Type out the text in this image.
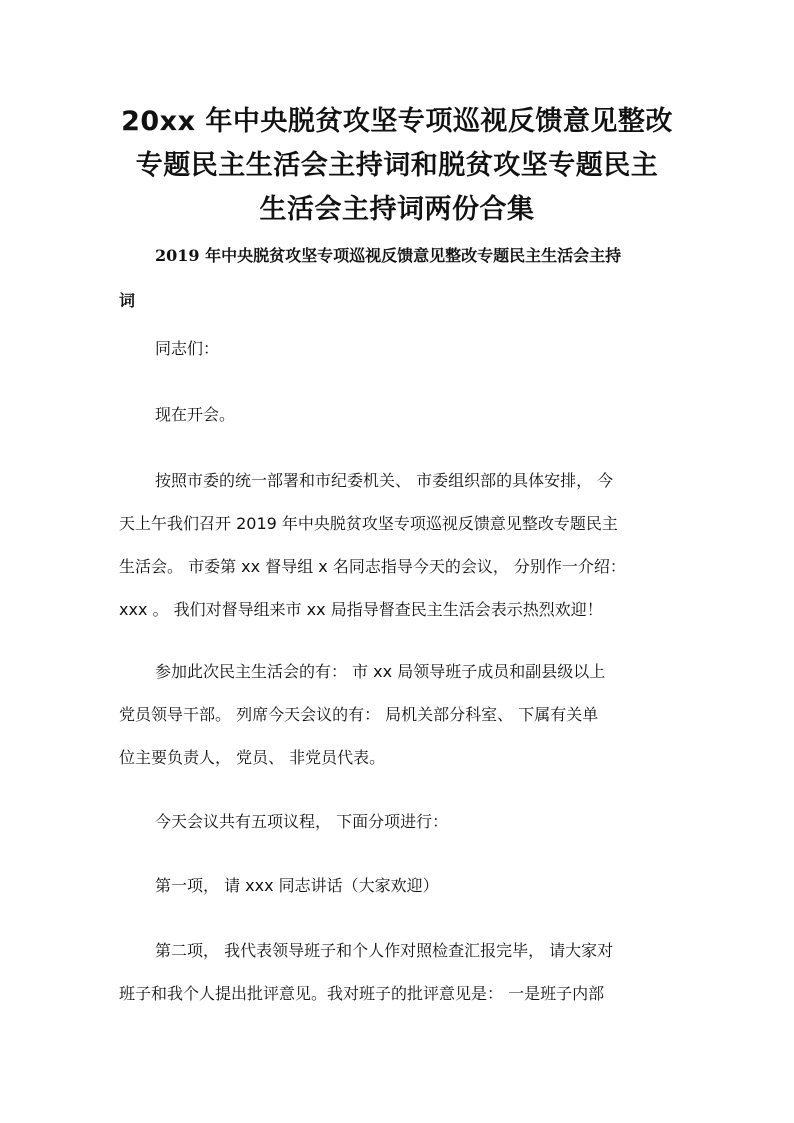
20xx 年中央脱贫攻坚专项巡视反馈意见整改
专题民主生活会主持词和脱贫攻坚专题民主
生活会主持词两份合集
2019 年中央脱贫攻坚专项巡视反馈意见整改专题民主生活会主持
词
同志们：
现在开会。
按照市委的统一部署和市纪委机关、 市委组织部的具体安排， 今
天上午我们召开 2019 年中央脱贫攻坚专项巡视反馈意见整改专题民主
生活会。 市委第 xx 督导组 x 名同志指导今天的会议， 分别作一介绍：
xxx 。 我们对督导组来市 xx 局指导督查民主生活会表示热烈欢迎！
参加此次民主生活会的有： 市 xx 局领导班子成员和副县级以上
党员领导干部。 列席今天会议的有： 局机关部分科室、 下属有关单
位主要负责人， 党员、 非党员代表。
今天会议共有五项议程， 下面分项进行：
第一项， 请 xxx 同志讲话（大家欢迎）
第二项， 我代表领导班子和个人作对照检查汇报完毕， 请大家对
班子和我个人提出批评意见。我对班子的批评意见是： 一是班子内部
